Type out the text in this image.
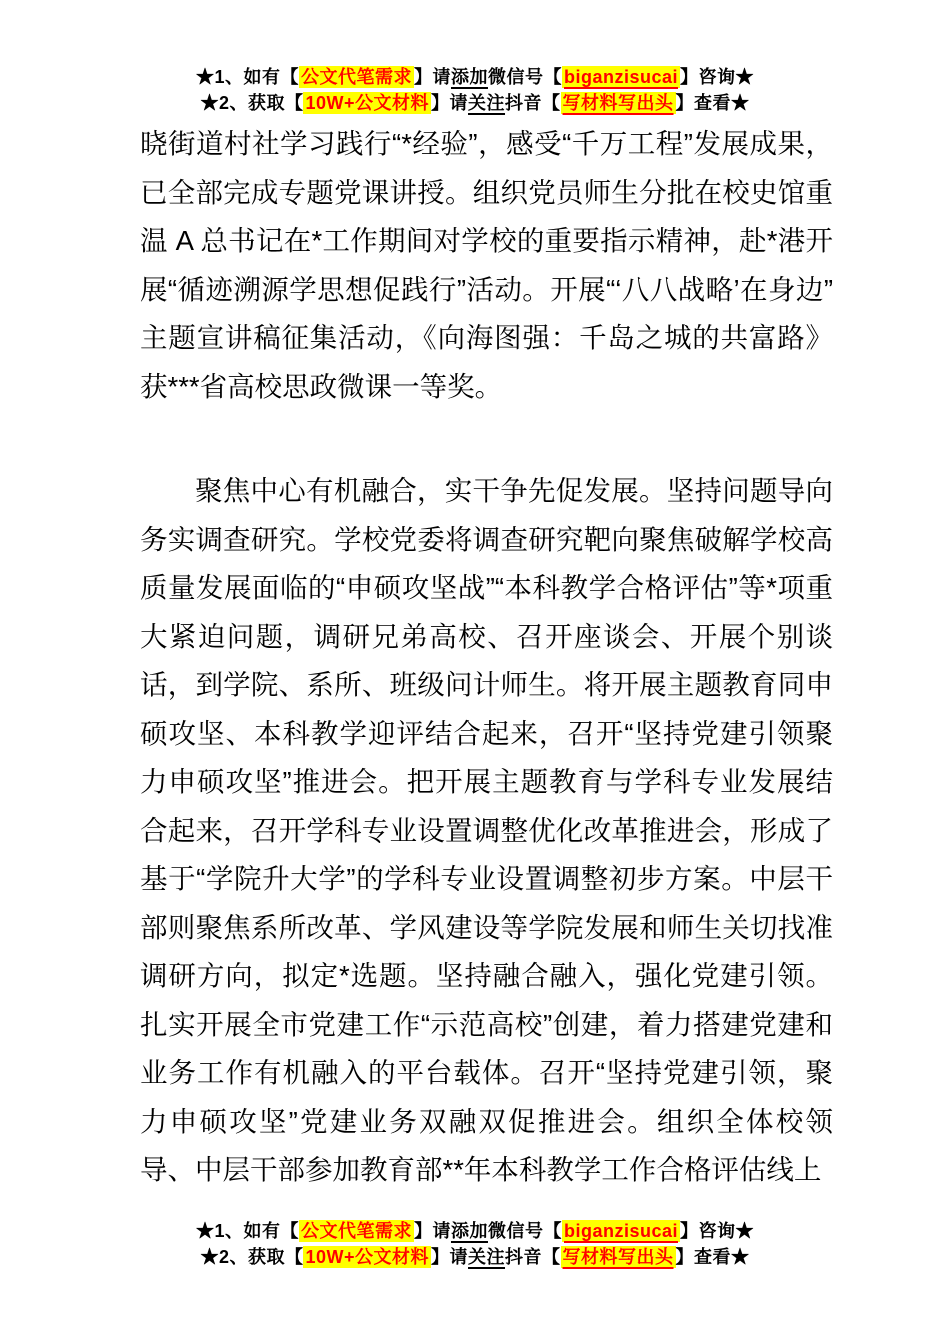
★1、如有【 公文代笔需求 】请添加微信号【 biganzisucai 】咨询★
★2、获取【 10W+公文材料 】请关注抖音【 写材料写出头 】查看★

晓街道村社学习践行“*经验”，感受“千万工程”发展成果，已全部完成专题党课讲授。组织党员师生分批在校史馆重温 A 总书记在*工作期间对学校的重要指示精神，赴*港开展“循迹溯源学思想促践行”活动。开展“‘八八战略’在身边”主题宣讲稿征集活动，《向海图强：千岛之城的共富路》获***省高校思政微课一等奖。

聚焦中心有机融合，实干争先促发展。坚持问题导向务实调查研究。学校党委将调查研究靶向聚焦破解学校高质量发展面临的“申硕攻坚战”“本科教学合格评估”等*项重大紧迫问题，调研兄弟高校、召开座谈会、开展个别谈话，到学院、系所、班级问计师生。将开展主题教育同申硕攻坚、本科教学迎评结合起来，召开“坚持党建引领聚力申硕攻坚”推进会。把开展主题教育与学科专业发展结合起来，召开学科专业设置调整优化改革推进会，形成了基于“学院升大学”的学科专业设置调整初步方案。中层干部则聚焦系所改革、学风建设等学院发展和师生关切找准调研方向，拟定*选题。坚持融合融入，强化党建引领。扎实开展全市党建工作“示范高校”创建，着力搭建党建和业务工作有机融入的平台载体。召开“坚持党建引领，聚力申硕攻坚”党建业务双融双促推进会。组织全体校领导、中层干部参加教育部**年本科教学工作合格评估线上

★1、如有【 公文代笔需求 】请添加微信号【 biganzisucai 】咨询★
★2、获取【 10W+公文材料 】请关注抖音【 写材料写出头 】查看★
